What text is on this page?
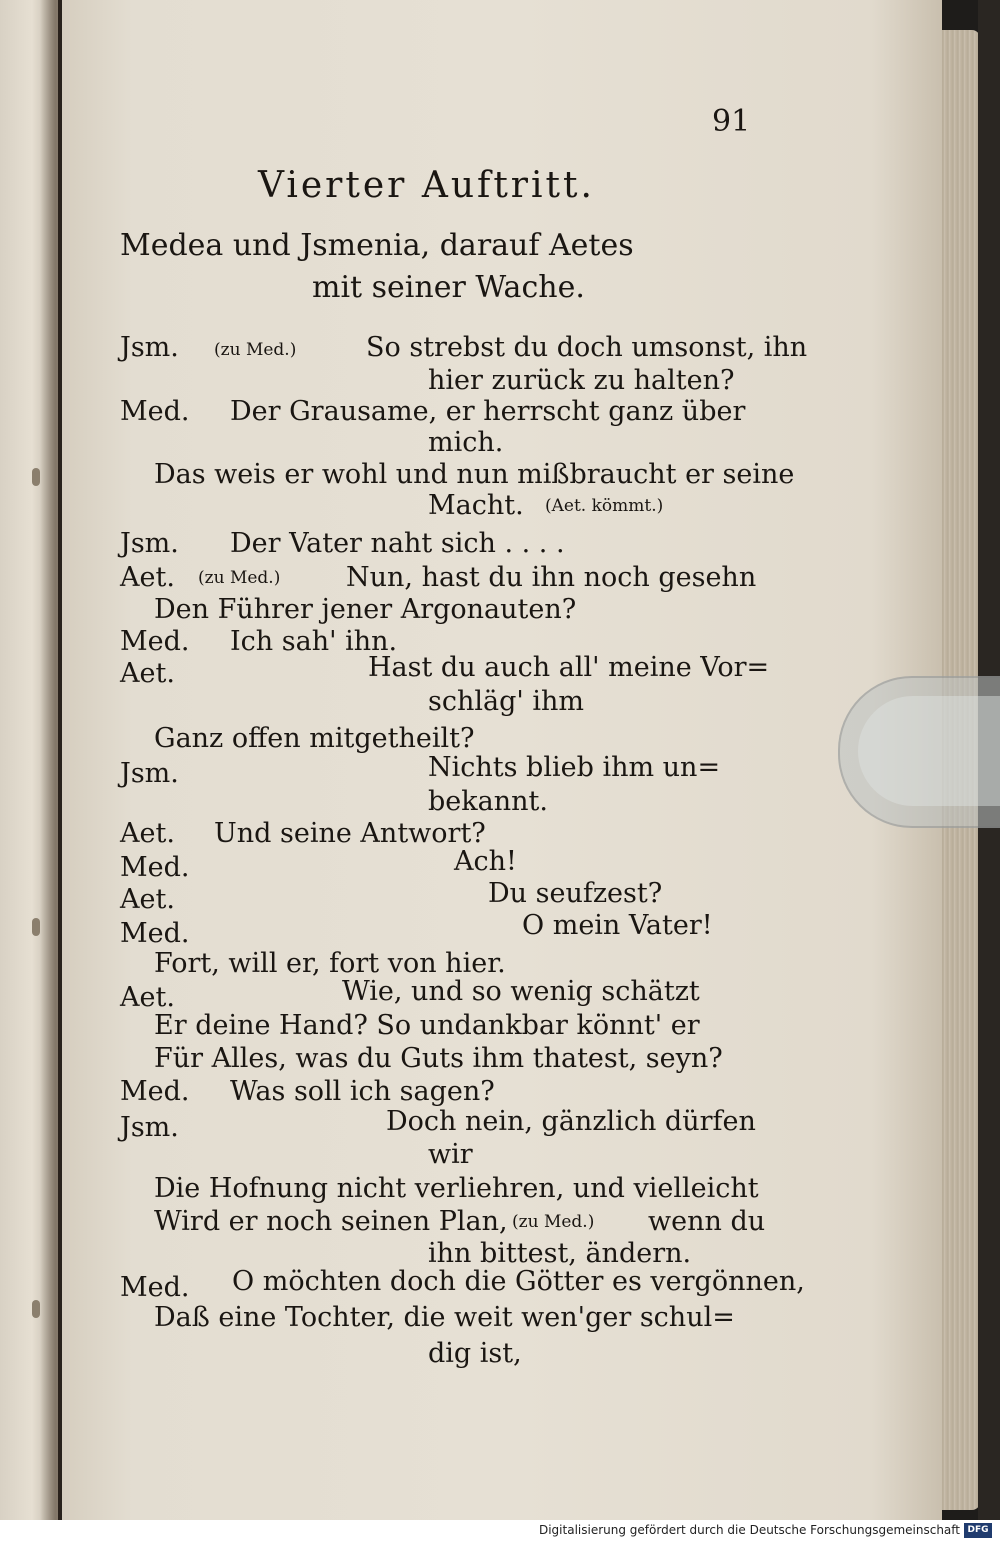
91
Vierter Auftritt.
Medea und Jsmenia, darauf Aetes
mit seiner Wache.
Jsm. (zu Med.)	So strebst du doch umsonst, ihn
hier zurück zu halten?
Med. Der Grausame, er herrscht ganz über
mich.
Das weis er wohl und nun mißbraucht er seine
Macht. (Aet. kömmt.)
Jsm. Der Vater naht sich . . . .
Aet. (zu Med.) Nun, hast du ihn noch gesehn
Den Führer jener Argonauten?
Med. Ich sah' ihn.
Aet.	Hast du auch all' meine Vor=
schläg' ihm
Ganz offen mitgetheilt?
Jsm.	Nichts blieb ihm un=
bekannt.
Aet. Und seine Antwort?
Med.	Ach!
Aet.	Du seufzest?
Med.	O mein Vater!
Fort, will er, fort von hier.
Aet.	Wie, und so wenig schätzt
Er deine Hand? So undankbar könnt' er
Für Alles, was du Guts ihm thatest, seyn?
Med. Was soll ich sagen?
Jsm.	Doch nein, gänzlich dürfen
wir
Die Hofnung nicht verliehren, und vielleicht
Wird er noch seinen Plan, (zu Med.) wenn du
ihn bittest, ändern.
Med. O möchten doch die Götter es vergönnen,
Daß eine Tochter, die weit wen'ger schul=
dig ist,
Digitalisierung gefördert durch die Deutsche Forschungsgemeinschaft DFG
